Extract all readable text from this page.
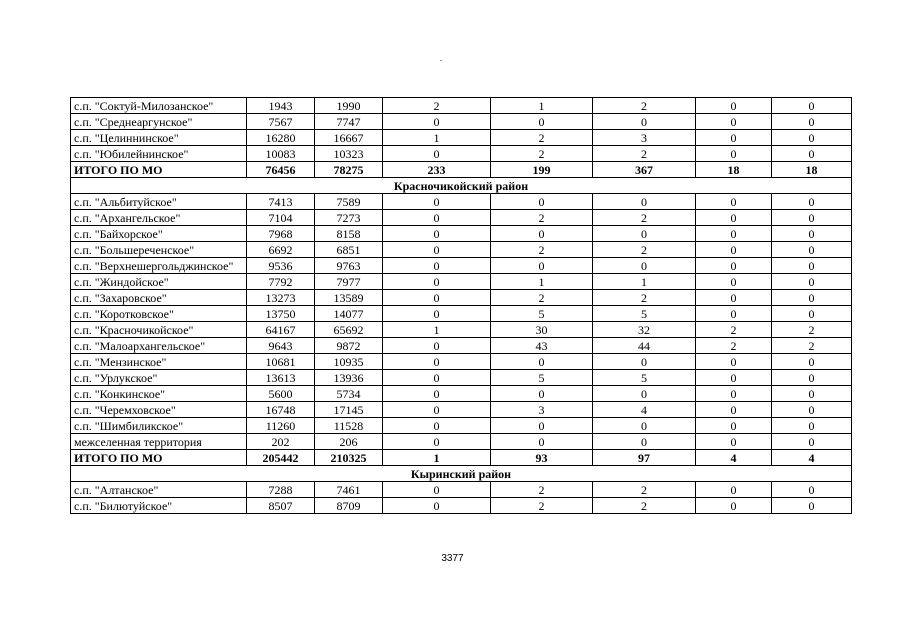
с.п. "Соктуй-Милозанское"	1943	1990	2	1	2	0	0
с.п. "Среднеаргунское"	7567	7747	0	0	0	0	0
с.п. "Целиннинское"	16280	16667	1	2	3	0	0
с.п. "Юбилейнинское"	10083	10323	0	2	2	0	0
ИТОГО ПО МО	76456	78275	233	199	367	18	18
Красночикойский район							
с.п. "Альбитуйское"	7413	7589	0	0	0	0	0
с.п. "Архангельское"	7104	7273	0	2	2	0	0
с.п. "Байхорское"	7968	8158	0	0	0	0	0
с.п. "Большереченское"	6692	6851	0	2	2	0	0
с.п. "Верхнешергольджинское"	9536	9763	0	0	0	0	0
с.п. "Жиндойское"	7792	7977	0	1	1	0	0
с.п. "Захаровское"	13273	13589	0	2	2	0	0
с.п. "Коротковское"	13750	14077	0	5	5	0	0
с.п. "Красночикойское"	64167	65692	1	30	32	2	2
с.п. "Малоархангельское"	9643	9872	0	43	44	2	2
с.п. "Мензинское"	10681	10935	0	0	0	0	0
с.п. "Урлукское"	13613	13936	0	5	5	0	0
с.п. "Конкинское"	5600	5734	0	0	0	0	0
с.п. "Черемховское"	16748	17145	0	3	4	0	0
с.п. "Шимбиликское"	11260	11528	0	0	0	0	0
межселенная территория	202	206	0	0	0	0	0
ИТОГО ПО МО	205442	210325	1	93	97	4	4
Кыринский район							
с.п. "Алтанское"	7288	7461	0	2	2	0	0
с.п. "Билютуйское"	8507	8709	0	2	2	0	0
3377
